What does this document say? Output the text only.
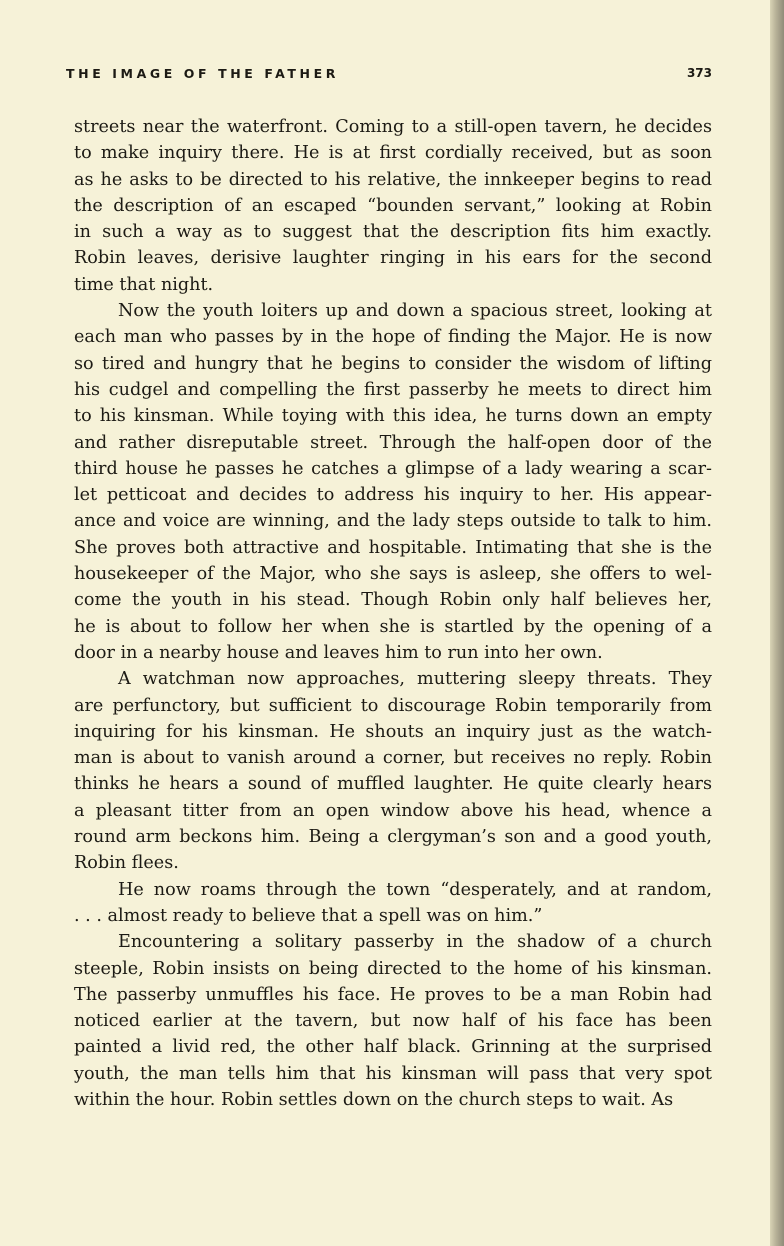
THE IMAGE OF THE FATHER	373
streets near the waterfront. Coming to a still-open tavern, he decides
to make inquiry there. He is at first cordially received, but as soon
as he asks to be directed to his relative, the innkeeper begins to read
the description of an escaped “bounden servant,” looking at Robin
in such a way as to suggest that the description fits him exactly.
Robin leaves, derisive laughter ringing in his ears for the second
time that night.
Now the youth loiters up and down a spacious street, looking at
each man who passes by in the hope of finding the Major. He is now
so tired and hungry that he begins to consider the wisdom of lifting
his cudgel and compelling the first passerby he meets to direct him
to his kinsman. While toying with this idea, he turns down an empty
and rather disreputable street. Through the half-open door of the
third house he passes he catches a glimpse of a lady wearing a scar-
let petticoat and decides to address his inquiry to her. His appear-
ance and voice are winning, and the lady steps outside to talk to him.
She proves both attractive and hospitable. Intimating that she is the
housekeeper of the Major, who she says is asleep, she offers to wel-
come the youth in his stead. Though Robin only half believes her,
he is about to follow her when she is startled by the opening of a
door in a nearby house and leaves him to run into her own.
A watchman now approaches, muttering sleepy threats. They
are perfunctory, but sufficient to discourage Robin temporarily from
inquiring for his kinsman. He shouts an inquiry just as the watch-
man is about to vanish around a corner, but receives no reply. Robin
thinks he hears a sound of muffled laughter. He quite clearly hears
a pleasant titter from an open window above his head, whence a
round arm beckons him. Being a clergyman’s son and a good youth,
Robin flees.
He now roams through the town “desperately, and at random,
. . . almost ready to believe that a spell was on him.”
Encountering a solitary passerby in the shadow of a church
steeple, Robin insists on being directed to the home of his kinsman.
The passerby unmuffles his face. He proves to be a man Robin had
noticed earlier at the tavern, but now half of his face has been
painted a livid red, the other half black. Grinning at the surprised
youth, the man tells him that his kinsman will pass that very spot
within the hour. Robin settles down on the church steps to wait. As
